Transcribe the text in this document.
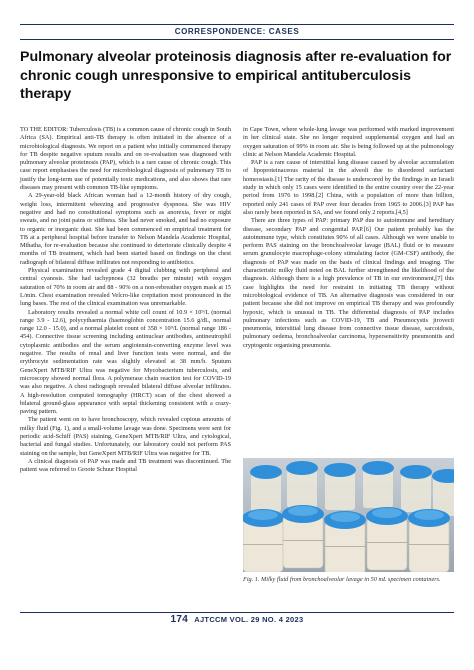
CORRESPONDENCE: CASES
Pulmonary alveolar proteinosis diagnosis after re-evaluation for chronic cough unresponsive to empirical antituberculosis therapy

TO THE EDITOR: Tuberculosis (TB) is a common cause of chronic cough in South Africa (SA). Empirical anti-TB therapy is often initiated in the absence of a microbiological diagnosis. We report on a patient who initially commenced therapy for TB despite negative sputum results and on re-evaluation was diagnosed with pulmonary alveolar proteinosis (PAP), which is a rare cause of chronic cough. This case report emphasises the need for microbiological diagnosis of pulmonary TB to justify the long-term use of potentially toxic medications, and also shows that rare diseases may present with common TB-like symptoms.

A 29-year-old black African woman had a 12-month history of dry cough, weight loss, intermittent wheezing and progressive dyspnoea. She was HIV negative and had no constitutional symptoms such as anorexia, fever or night sweats, and no joint pains or stiffness. She had never smoked, and had no exposure to organic or inorganic dust. She had been commenced on empirical treatment for TB at a peripheral hospital before transfer to Nelson Mandela Academic Hospital, Mthatha, for re-evaluation because she continued to deteriorate clinically despite 4 months of TB treatment, which had been started based on findings on the chest radiograph of bilateral diffuse infiltrates not responding to antibiotics.

Physical examination revealed grade 4 digital clubbing with peripheral and central cyanosis. She had tachypnoea (32 breaths per minute) with oxygen saturation of 70% in room air and 88 - 90% on a non-rebreather oxygen mask at 15 L/min. Chest examination revealed Velcro-like crepitation most pronounced in the lung bases. The rest of the clinical examination was unremarkable.

Laboratory results revealed a normal white cell count of 10.9 × 10⁹/L (normal range 3.9 - 12.6), polycythaemia (haemoglobin concentration 15.6 g/dL, normal range 12.0 - 15.0), and a normal platelet count of 358 × 10⁹/L (normal range 186 - 454). Connective tissue screening including antinuclear antibodies, antineutrophil cytoplasmic antibodies and the serum angiotensin-converting enzyme level was negative. The results of renal and liver function tests were normal, and the erythrocyte sedimentation rate was slightly elevated at 38 mm/h. Sputum GeneXpert MTB/RIF Ultra was negative for Mycobacterium tuberculosis, and microscopy showed normal flora. A polymerase chain reaction test for COVID-19 was also negative. A chest radiograph revealed bilateral diffuse alveolar infiltrates. A high-resolution computed tomography (HRCT) scan of the chest showed a bilateral ground-glass appearance with septal thickening consistent with a crazy-paving pattern.

The patient went on to have bronchoscopy, which revealed copious amounts of milky fluid (Fig. 1), and a small-volume lavage was done. Specimens were sent for periodic acid-Schiff (PAS) staining, GeneXpert MTB/RIF Ultra, and cytological, bacterial and fungal studies. Unfortunately, our laboratory could not perform PAS staining on the sample, but GeneXpert MTB/RIF Ultra was negative for TB.

A clinical diagnosis of PAP was made and TB treatment was discontinued. The patient was referred to Groote Schuur Hospital

in Cape Town, where whole-lung lavage was performed with marked improvement in her clinical state. She no longer required supplemental oxygen and had an oxygen saturation of 99% in room air. She is being followed up at the pulmonology clinic at Nelson Mandela Academic Hospital.

PAP is a rare cause of interstitial lung disease caused by alveolar accumulation of lipoproteinaceous material in the alveoli due to disordered surfactant homeostasis.[1] The rarity of the disease is underscored by the findings in an Israeli study in which only 15 cases were identified in the entire country over the 22-year period from 1976 to 1998.[2] China, with a population of more than billion, reported only 241 cases of PAP over four decades from 1965 to 2006.[3] PAP has also rarely been reported in SA, and we found only 2 reports.[4,5]

There are three types of PAP: primary PAP due to autoimmune and hereditary disease, secondary PAP and congenital PAP.[6] Our patient probably has the autoimmune type, which constitutes 90% of all cases. Although we were unable to perform PAS staining on the bronchoalveolar lavage (BAL) fluid or to measure serum granulocyte macrophage-colony stimulating factor (GM-CSF) antibody, the diagnosis of PAP was made on the basis of clinical findings and imaging. The characteristic milky fluid noted on BAL further strengthened the likelihood of the diagnosis. Although there is a high prevalence of TB in our environment,[7] this case highlights the need for restraint in initiating TB therapy without microbiological evidence of TB. An alternative diagnosis was considered in our patient because she did not improve on empirical TB therapy and was profoundly hypoxic, which is unusual in TB. The differential diagnosis of PAP includes pulmonary infections such as COVID-19, TB and Pneumocystis jirovecii pneumonia, interstitial lung disease from connective tissue disease, sarcoidosis, pulmonary oedema, bronchoalveolar carcinoma, hypersensitivity pneumonitis and cryptogenic organising pneumonia.

Fig. 1. Milky fluid from bronchoalveolar lavage in 50 mL specimen containers.
174 AJTCCM VOL. 29 NO. 4 2023
